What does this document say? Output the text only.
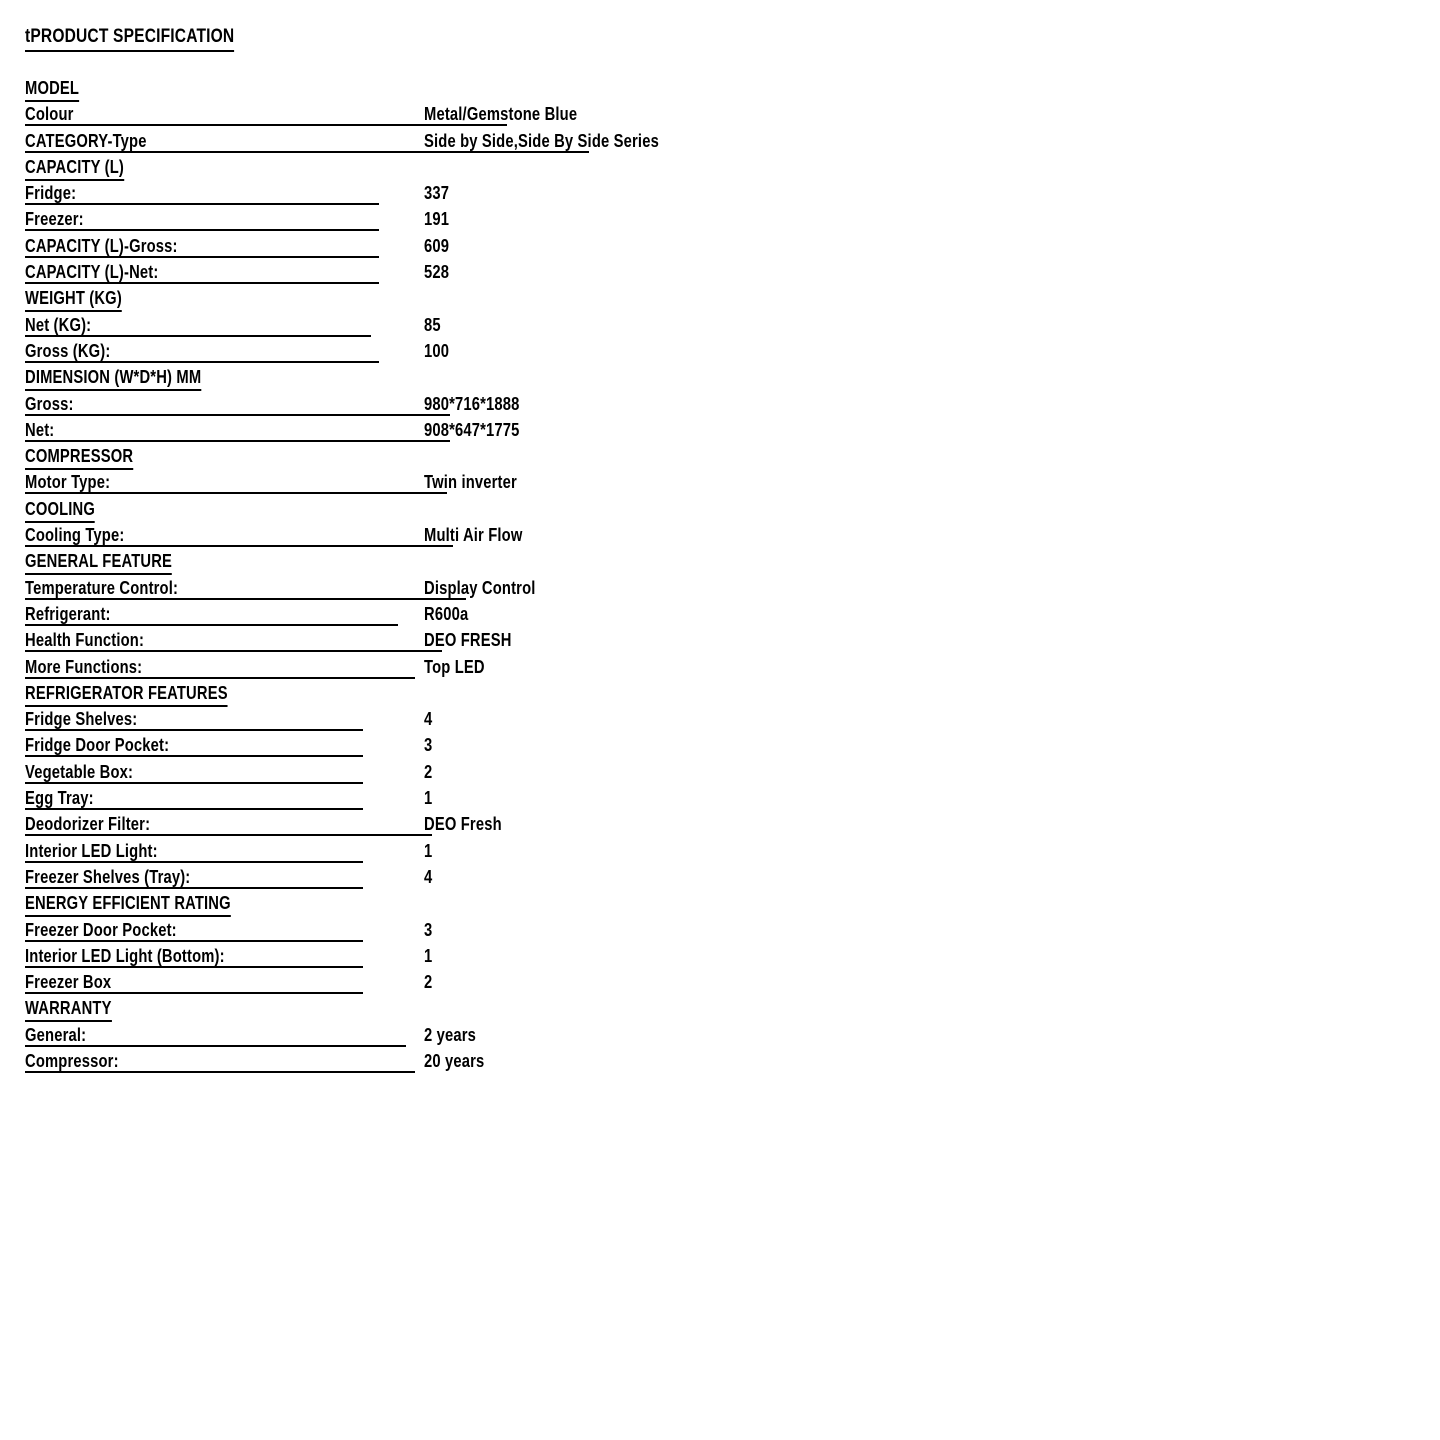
tPRODUCT SPECIFICATION
MODEL
Colour	Metal/Gemstone Blue
CATEGORY-Type	Side by Side,Side By Side Series
CAPACITY (L)
Fridge:	337
Freezer:	191
CAPACITY (L)-Gross:	609
CAPACITY (L)-Net:	528
WEIGHT (KG)
Net (KG):	85
Gross (KG):	100
DIMENSION (W*D*H) MM
Gross:	980*716*1888
Net:	908*647*1775
COMPRESSOR
Motor Type:	Twin inverter
COOLING
Cooling Type:	Multi Air Flow
GENERAL FEATURE
Temperature Control:	Display Control
Refrigerant:	R600a
Health Function:	DEO FRESH
More Functions:	Top LED
REFRIGERATOR FEATURES
Fridge Shelves:	4
Fridge Door Pocket:	3
Vegetable Box:	2
Egg Tray:	1
Deodorizer Filter:	DEO Fresh
Interior LED Light:	1
Freezer Shelves (Tray):	4
ENERGY EFFICIENT RATING
Freezer Door Pocket:	3
Interior LED Light (Bottom):	1
Freezer Box	2
WARRANTY
General:	2 years
Compressor:	20 years
